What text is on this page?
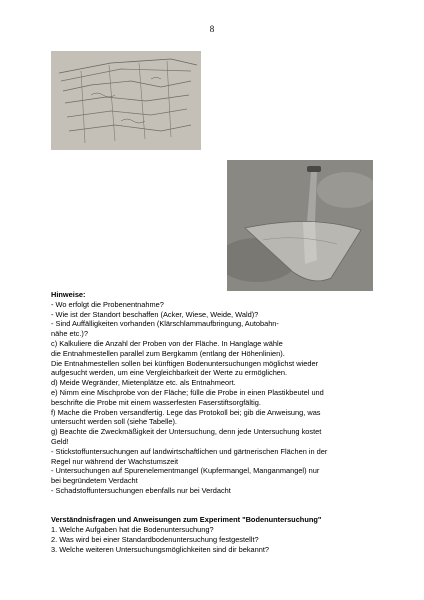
8
Hinweise:
- Wo erfolgt die Probenentnahme?
- Wie ist der Standort beschaffen (Acker, Wiese, Weide, Wald)?
- Sind Auffälligkeiten vorhanden (Klärschlammaufbringung, Autobahn-
nähe etc.)?
c) Kalkuliere die Anzahl der Proben von der Fläche. In Hanglage wähle
die Entnahmestellen parallel zum Bergkamm (entlang der Höhenlinien).
Die Entnahmestellen sollen bei künftigen Bodenuntersuchungen möglichst wieder
aufgesucht werden, um eine Vergleichbarkeit der Werte zu ermöglichen.
d) Meide Wegränder, Mietenplätze etc. als Entnahmeort.
e) Nimm eine Mischprobe von der Fläche; fülle die Probe in einen Plastikbeutel und
beschrifte die Probe mit einem wasserfesten Faserstiftsorgfältig.
f) Mache die Proben versandfertig. Lege das Protokoll bei; gib die Anweisung, was
untersucht werden soll (siehe Tabelle).
g) Beachte die Zweckmäßigkeit der Untersuchung, denn jede Untersuchung kostet
Geld!
- Stickstoffuntersuchungen auf landwirtschaftlichen und gärtnerischen Flächen in der
Regel nur während der Wachstumszeit
- Untersuchungen auf Spurenelementmangel (Kupfermangel, Manganmangel) nur
bei begründetem Verdacht
- Schadstoffuntersuchungen ebenfalls nur bei Verdacht
Verständnisfragen und Anweisungen zum Experiment "Bodenuntersuchung"
1. Welche Aufgaben hat die Bodenuntersuchung?
2. Was wird bei einer Standardbodenuntersuchung festgestellt?
3. Welche weiteren Untersuchungsmöglichkeiten sind dir bekannt?
